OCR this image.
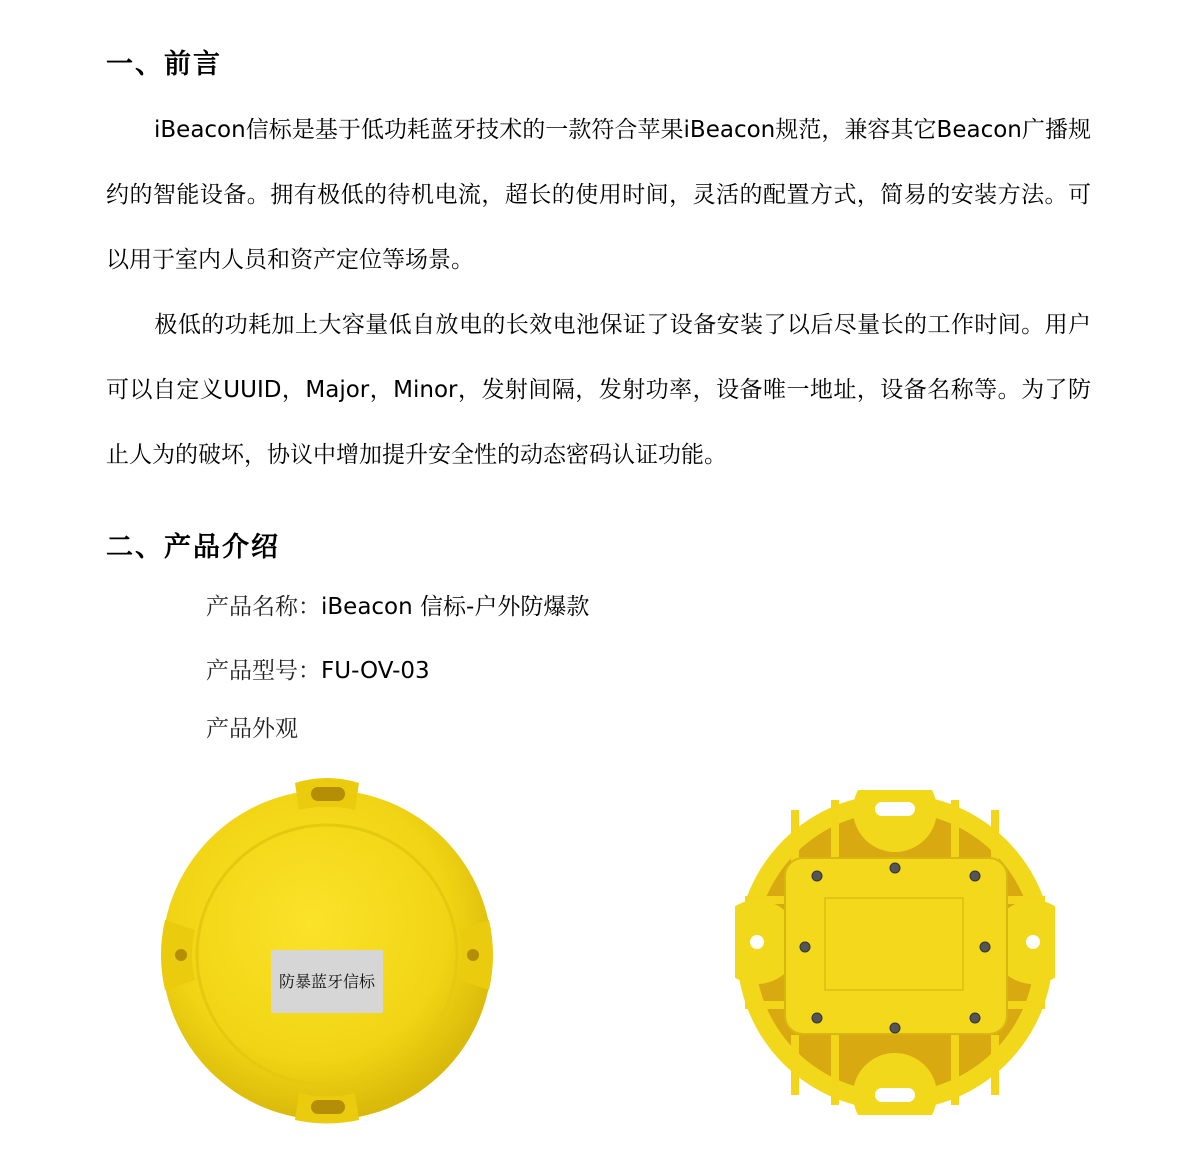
一、前言
iBeacon信标是基于低功耗蓝牙技术的一款符合苹果iBeacon规范，兼容其它Beacon广播规约的智能设备。拥有极低的待机电流，超长的使用时间，灵活的配置方式，简易的安装方法。可以用于室内人员和资产定位等场景。
极低的功耗加上大容量低自放电的长效电池保证了设备安装了以后尽量长的工作时间。用户可以自定义UUID，Major，Minor，发射间隔，发射功率，设备唯一地址，设备名称等。为了防止人为的破坏，协议中增加提升安全性的动态密码认证功能。
二、产品介绍
产品名称：iBeacon 信标-户外防爆款
产品型号：FU-OV-03
产品外观
防暴蓝牙信标
